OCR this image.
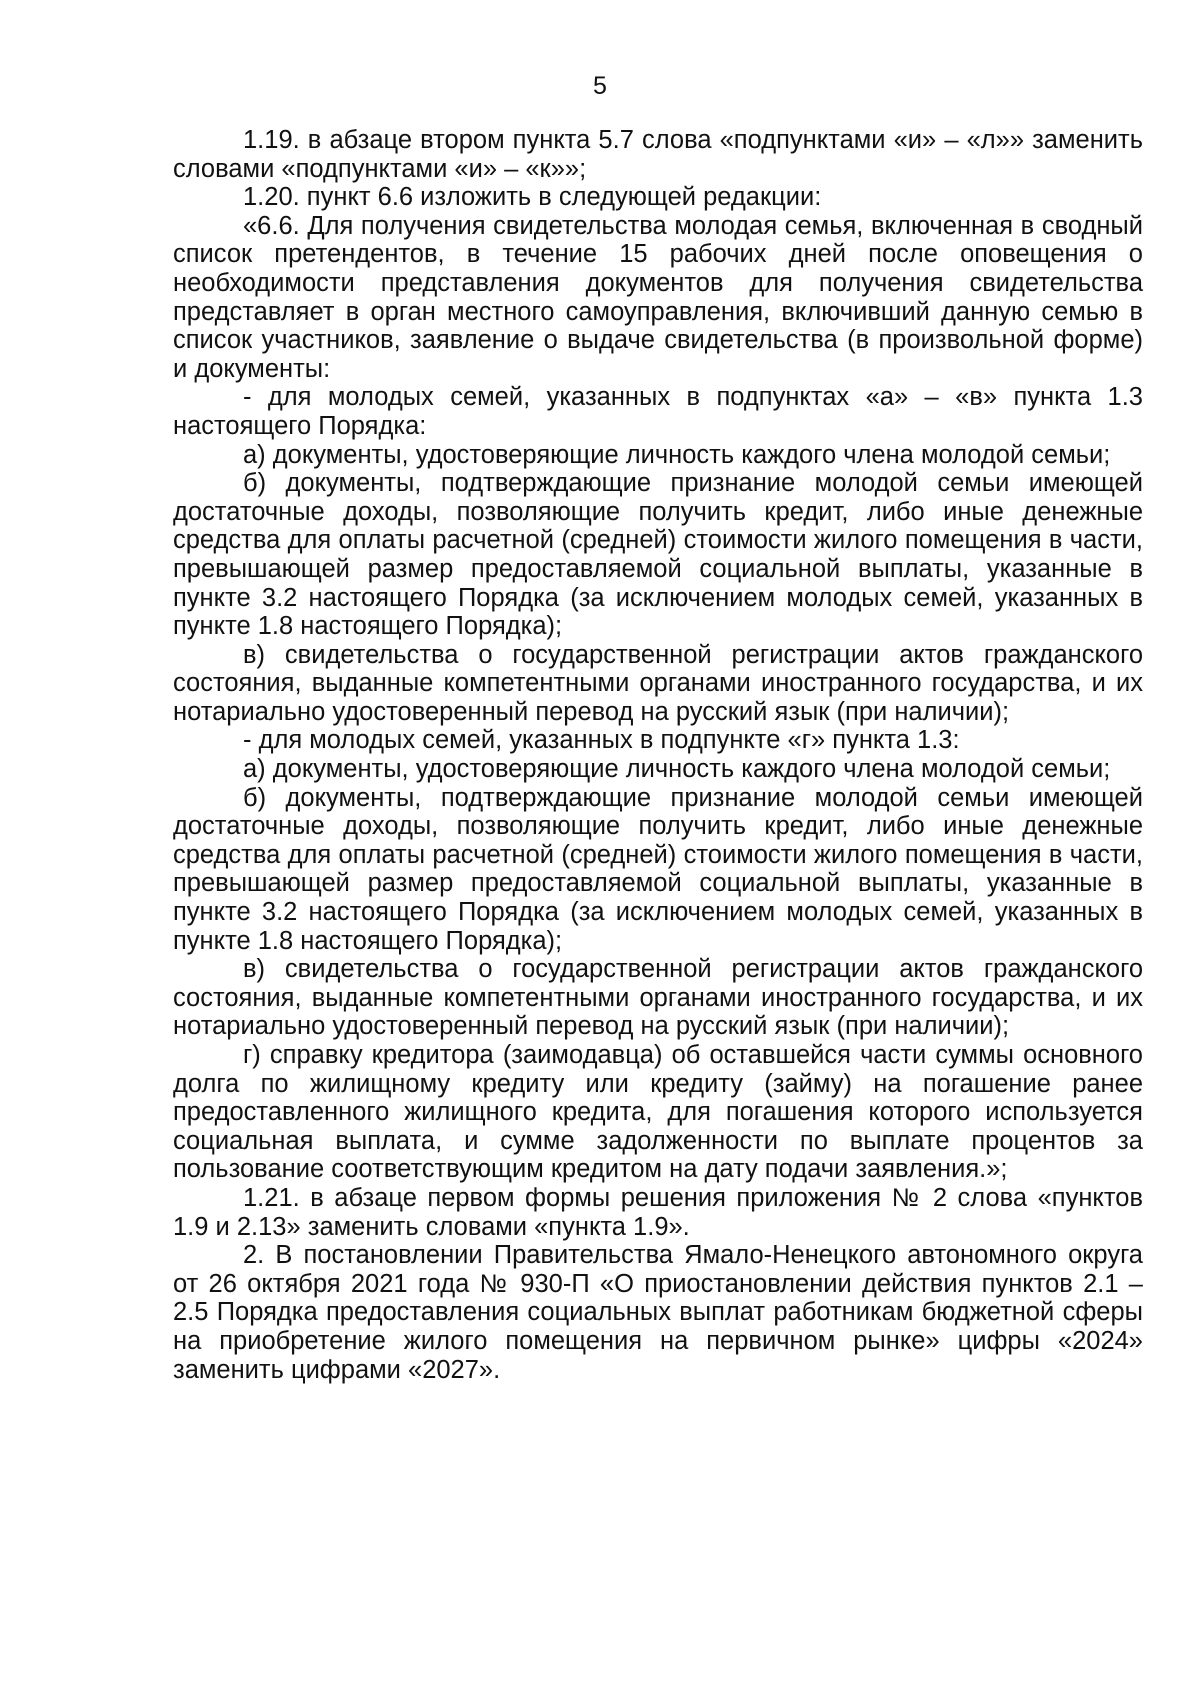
5

1.19. в абзаце втором пункта 5.7 слова «подпунктами «и» – «л»» заменить словами «подпунктами «и» – «к»»;

1.20. пункт 6.6 изложить в следующей редакции:

«6.6. Для получения свидетельства молодая семья, включенная в сводный список претендентов, в течение 15 рабочих дней после оповещения о необходимости представления документов для получения свидетельства представляет в орган местного самоуправления, включивший данную семью в список участников, заявление о выдаче свидетельства (в произвольной форме) и документы:

- для молодых семей, указанных в подпунктах «а» – «в» пункта 1.3 настоящего Порядка:

а) документы, удостоверяющие личность каждого члена молодой семьи;

б) документы, подтверждающие признание молодой семьи имеющей достаточные доходы, позволяющие получить кредит, либо иные денежные средства для оплаты расчетной (средней) стоимости жилого помещения в части, превышающей размер предоставляемой социальной выплаты, указанные в пункте 3.2 настоящего Порядка (за исключением молодых семей, указанных в пункте 1.8 настоящего Порядка);

в) свидетельства о государственной регистрации актов гражданского состояния, выданные компетентными органами иностранного государства, и их нотариально удостоверенный перевод на русский язык (при наличии);

- для молодых семей, указанных в подпункте «г» пункта 1.3:

а) документы, удостоверяющие личность каждого члена молодой семьи;

б) документы, подтверждающие признание молодой семьи имеющей достаточные доходы, позволяющие получить кредит, либо иные денежные средства для оплаты расчетной (средней) стоимости жилого помещения в части, превышающей размер предоставляемой социальной выплаты, указанные в пункте 3.2 настоящего Порядка (за исключением молодых семей, указанных в пункте 1.8 настоящего Порядка);

в) свидетельства о государственной регистрации актов гражданского состояния, выданные компетентными органами иностранного государства, и их нотариально удостоверенный перевод на русский язык (при наличии);

г) справку кредитора (заимодавца) об оставшейся части суммы основного долга по жилищному кредиту или кредиту (займу) на погашение ранее предоставленного жилищного кредита, для погашения которого используется социальная выплата, и сумме задолженности по выплате процентов за пользование соответствующим кредитом на дату подачи заявления.»;

1.21. в абзаце первом формы решения приложения № 2 слова «пунктов 1.9 и 2.13» заменить словами «пункта 1.9».

2. В постановлении Правительства Ямало-Ненецкого автономного округа от 26 октября 2021 года № 930-П «О приостановлении действия пунктов 2.1 – 2.5 Порядка предоставления социальных выплат работникам бюджетной сферы на приобретение жилого помещения на первичном рынке» цифры «2024» заменить цифрами «2027».
